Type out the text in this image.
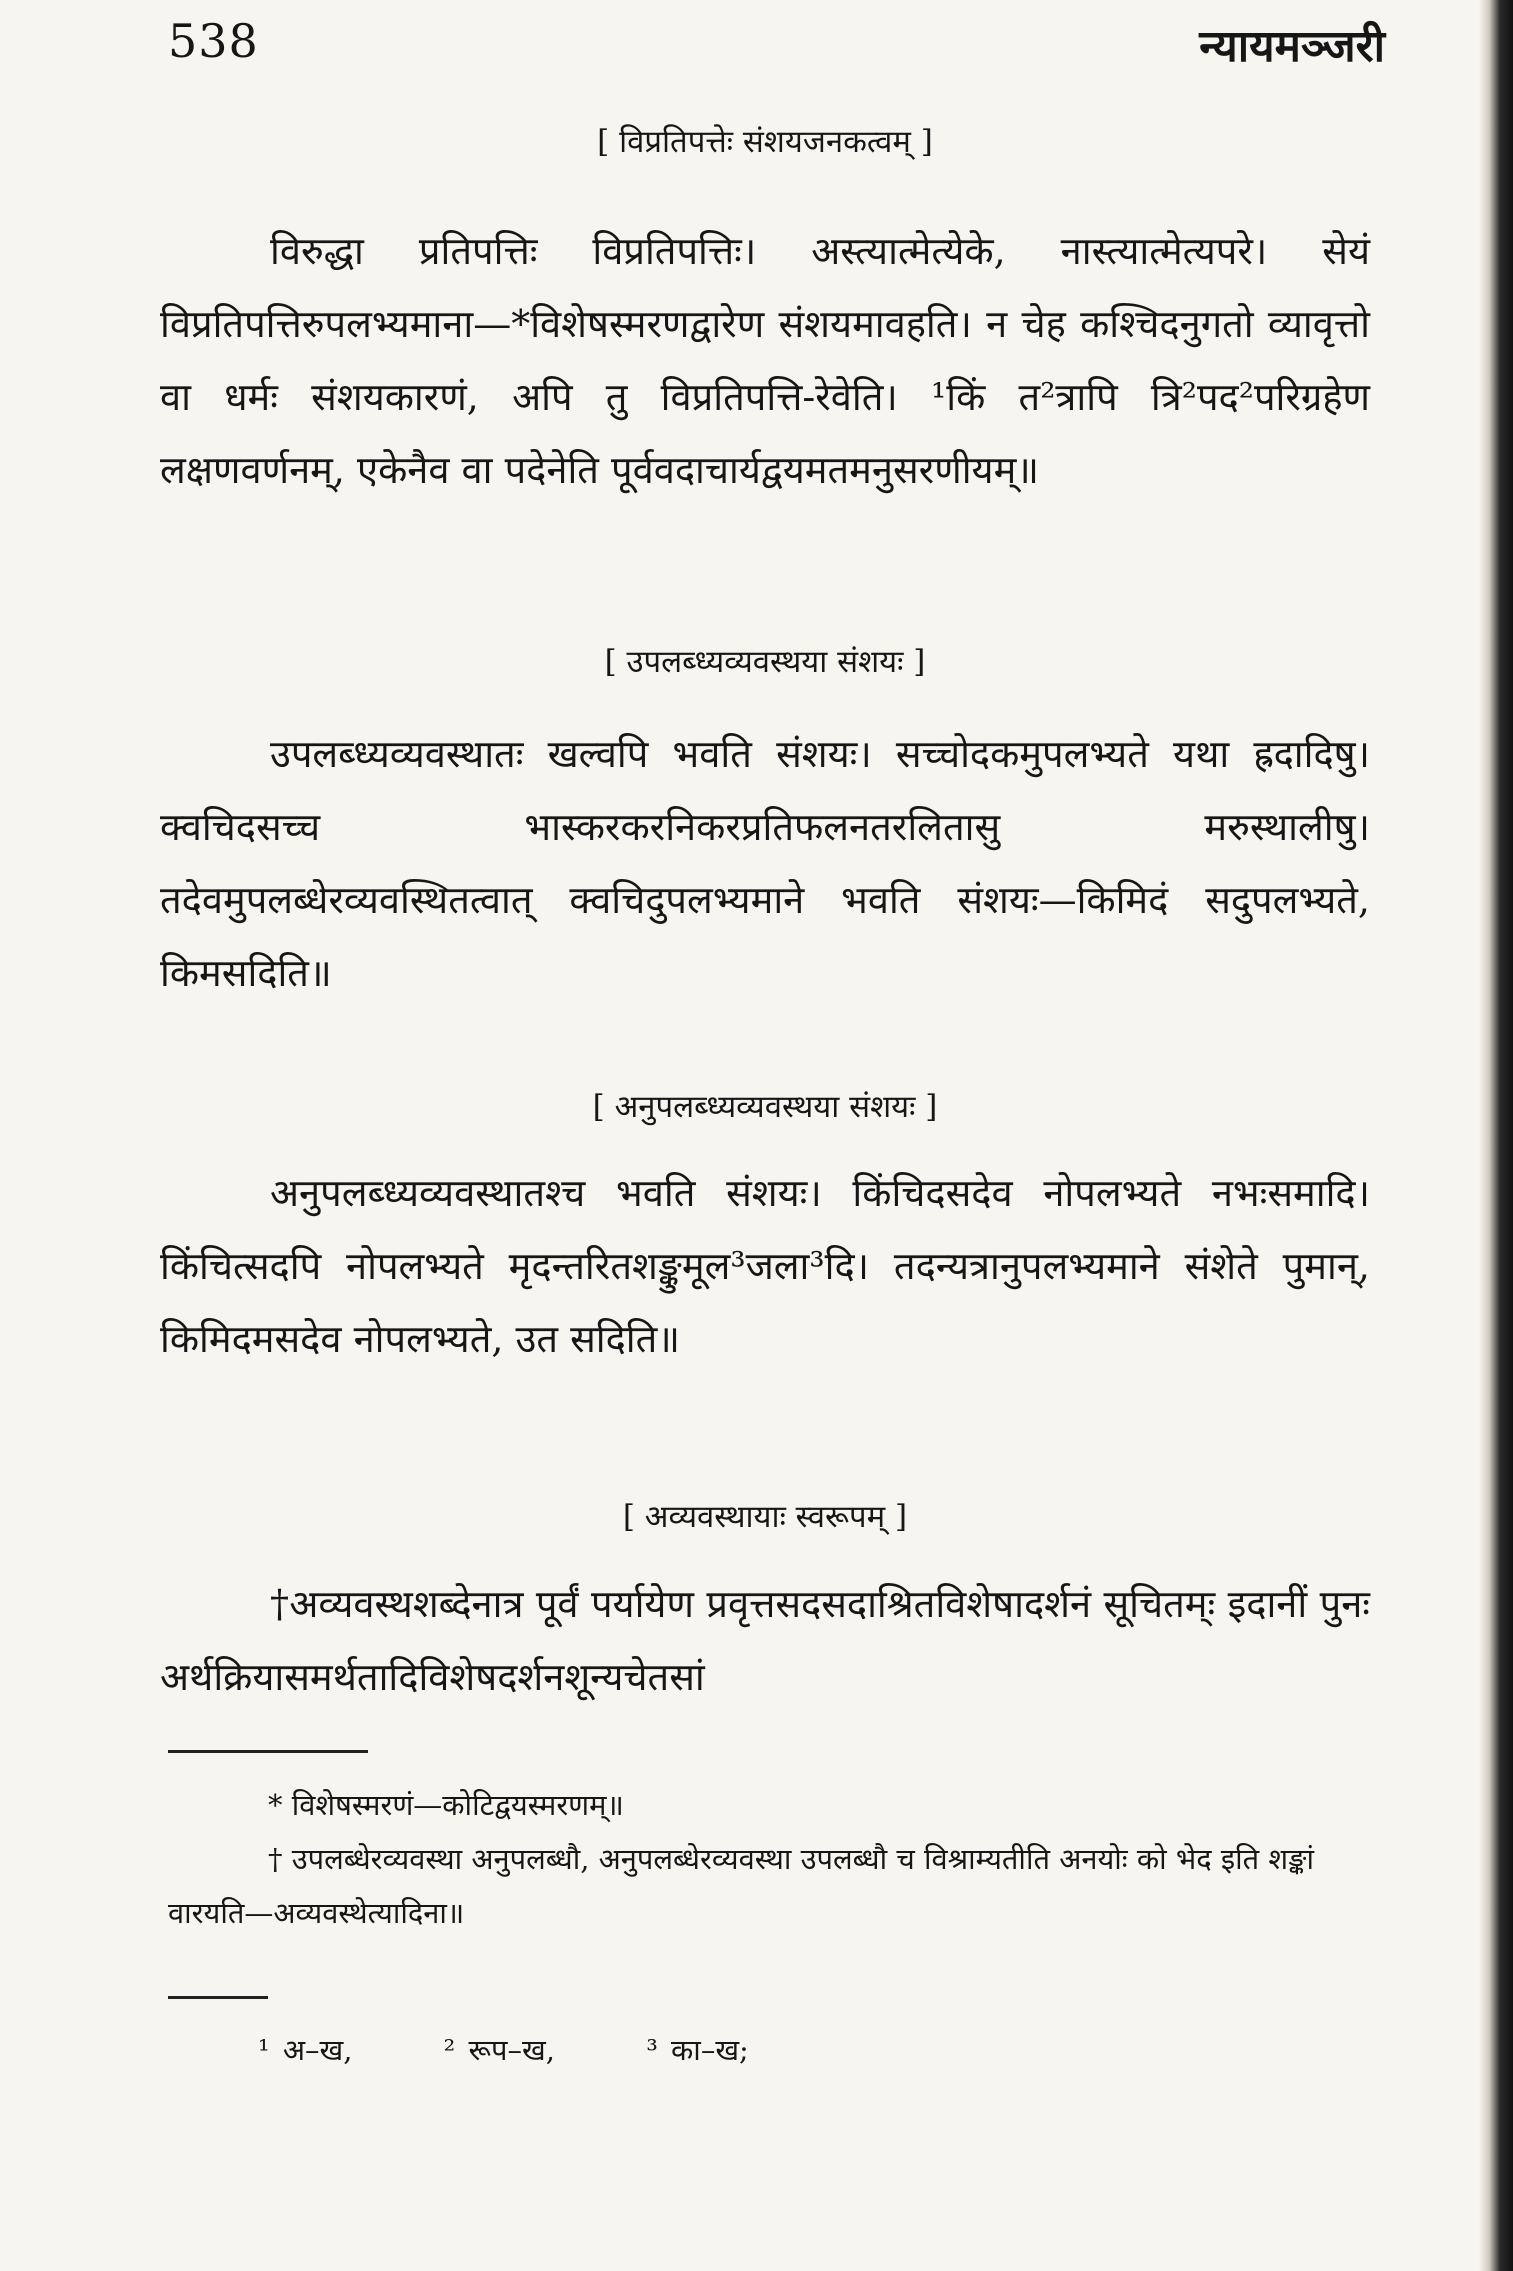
538	न्यायमञ्जरी
[ विप्रतिपत्तेः संशयजनकत्वम् ]
विरुद्धा प्रतिपत्तिः विप्रतिपत्तिः। अस्त्यात्मेत्येके, नास्त्यात्मेत्यपरे। सेयं विप्रतिपत्तिरुपलभ्यमाना—*विशेषस्मरणद्वारेण संशयमावहति। न चेह कश्चिदनुगतो व्यावृत्तो वा धर्मः संशयकारणं, अपि तु विप्रतिपत्ति-रेवेति। ¹किं त²त्रापि त्रि²पद²परिग्रहेण लक्षणवर्णनम्, एकेनैव वा पदेनेति पूर्ववदाचार्यद्वयमतमनुसरणीयम्॥
[ उपलब्ध्यव्यवस्थया संशयः ]
उपलब्ध्यव्यवस्थातः खल्वपि भवति संशयः। सच्चोदकमुपलभ्यते यथा ह्रदादिषु। क्वचिदसच्च भास्करकरनिकरप्रतिफलनतरलितासु मरुस्थालीषु। तदेवमुपलब्धेरव्यवस्थितत्वात् क्वचिदुपलभ्यमाने भवति संशयः—किमिदं सदुपलभ्यते, किमसदिति॥
[ अनुपलब्ध्यव्यवस्थया संशयः ]
अनुपलब्ध्यव्यवस्थातश्च भवति संशयः। किंचिदसदेव नोपलभ्यते नभःसमादि। किंचित्सदपि नोपलभ्यते मृदन्तरितशङ्कुमूल³जला³दि। तदन्यत्रानुपलभ्यमाने संशेते पुमान्, किमिदमसदेव नोपलभ्यते, उत सदिति॥
[ अव्यवस्थायाः स्वरूपम् ]
†अव्यवस्थशब्देनात्र पूर्वं पर्यायेण प्रवृत्तसदसदाश्रितविशेषादर्शनं सूचितम्ः इदानीं पुनः अर्थक्रियासमर्थतादिविशेषदर्शनशून्यचेतसां
* विशेषस्मरणं—कोटिद्वयस्मरणम्॥
† उपलब्धेरव्यवस्था अनुपलब्धौ, अनुपलब्धेरव्यवस्था उपलब्धौ च विश्राम्यतीति अनयोः को भेद इति शङ्कां वारयति—अव्यवस्थेत्यादिना॥
¹ अ–ख,	² रूप–ख,	³ का–ख;
